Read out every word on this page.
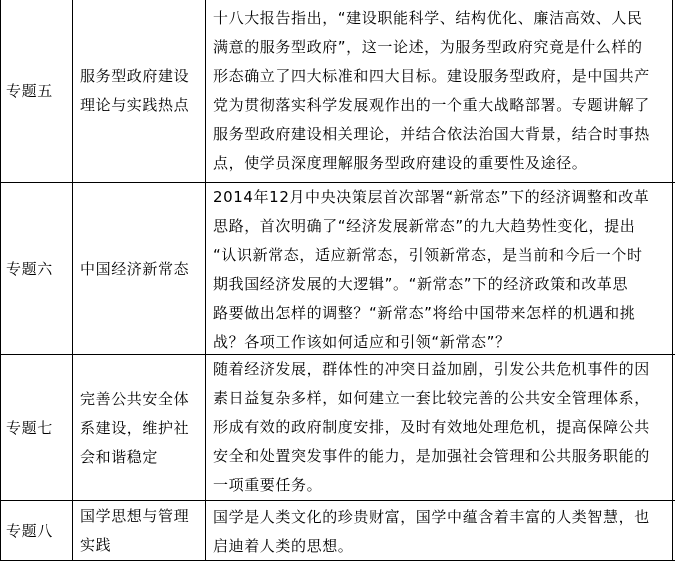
专题五
服务型政府建设
理论与实践热点
十八大报告指出，“建设职能科学、结构优化、廉洁高效、人民
满意的服务型政府”，这一论述，为服务型政府究竟是什么样的
形态确立了四大标准和四大目标。建设服务型政府，是中国共产
党为贯彻落实科学发展观作出的一个重大战略部署。专题讲解了
服务型政府建设相关理论，并结合依法治国大背景，结合时事热
点，使学员深度理解服务型政府建设的重要性及途径。
专题六	中国经济新常态
2014年12月中央决策层首次部署“新常态”下的经济调整和改革
思路，首次明确了“经济发展新常态”的九大趋势性变化，提出
“认识新常态，适应新常态，引领新常态，是当前和今后一个时
期我国经济发展的大逻辑”。“新常态”下的经济政策和改革思
路要做出怎样的调整？“新常态”将给中国带来怎样的机遇和挑
战？各项工作该如何适应和引领“新常态”？
专题七
完善公共安全体
系建设，维护社
会和谐稳定
随着经济发展，群体性的冲突日益加剧，引发公共危机事件的因
素日益复杂多样，如何建立一套比较完善的公共安全管理体系，
形成有效的政府制度安排，及时有效地处理危机，提高保障公共
安全和处置突发事件的能力，是加强社会管理和公共服务职能的
一项重要任务。
专题八
国学思想与管理
实践
国学是人类文化的珍贵财富，国学中蕴含着丰富的人类智慧，也
启迪着人类的思想。
